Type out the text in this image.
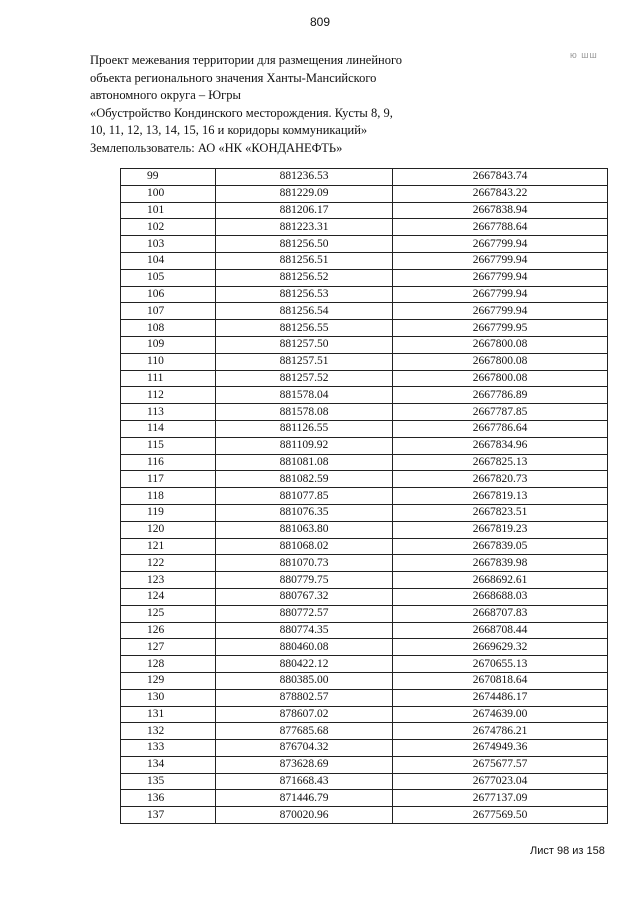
809
ю шш
Проект межевания территории для размещения линейного
объекта регионального значения Ханты-Мансийского
автономного округа – Югры
«Обустройство Кондинского месторождения. Кусты 8, 9,
10, 11, 12, 13, 14, 15, 16 и коридоры коммуникаций»
Землепользователь: АО «НК «КОНДАНЕФТЬ»
99	881236.53	2667843.74
100	881229.09	2667843.22
101	881206.17	2667838.94
102	881223.31	2667788.64
103	881256.50	2667799.94
104	881256.51	2667799.94
105	881256.52	2667799.94
106	881256.53	2667799.94
107	881256.54	2667799.94
108	881256.55	2667799.95
109	881257.50	2667800.08
110	881257.51	2667800.08
111	881257.52	2667800.08
112	881578.04	2667786.89
113	881578.08	2667787.85
114	881126.55	2667786.64
115	881109.92	2667834.96
116	881081.08	2667825.13
117	881082.59	2667820.73
118	881077.85	2667819.13
119	881076.35	2667823.51
120	881063.80	2667819.23
121	881068.02	2667839.05
122	881070.73	2667839.98
123	880779.75	2668692.61
124	880767.32	2668688.03
125	880772.57	2668707.83
126	880774.35	2668708.44
127	880460.08	2669629.32
128	880422.12	2670655.13
129	880385.00	2670818.64
130	878802.57	2674486.17
131	878607.02	2674639.00
132	877685.68	2674786.21
133	876704.32	2674949.36
134	873628.69	2675677.57
135	871668.43	2677023.04
136	871446.79	2677137.09
137	870020.96	2677569.50
Лист 98 из 158
